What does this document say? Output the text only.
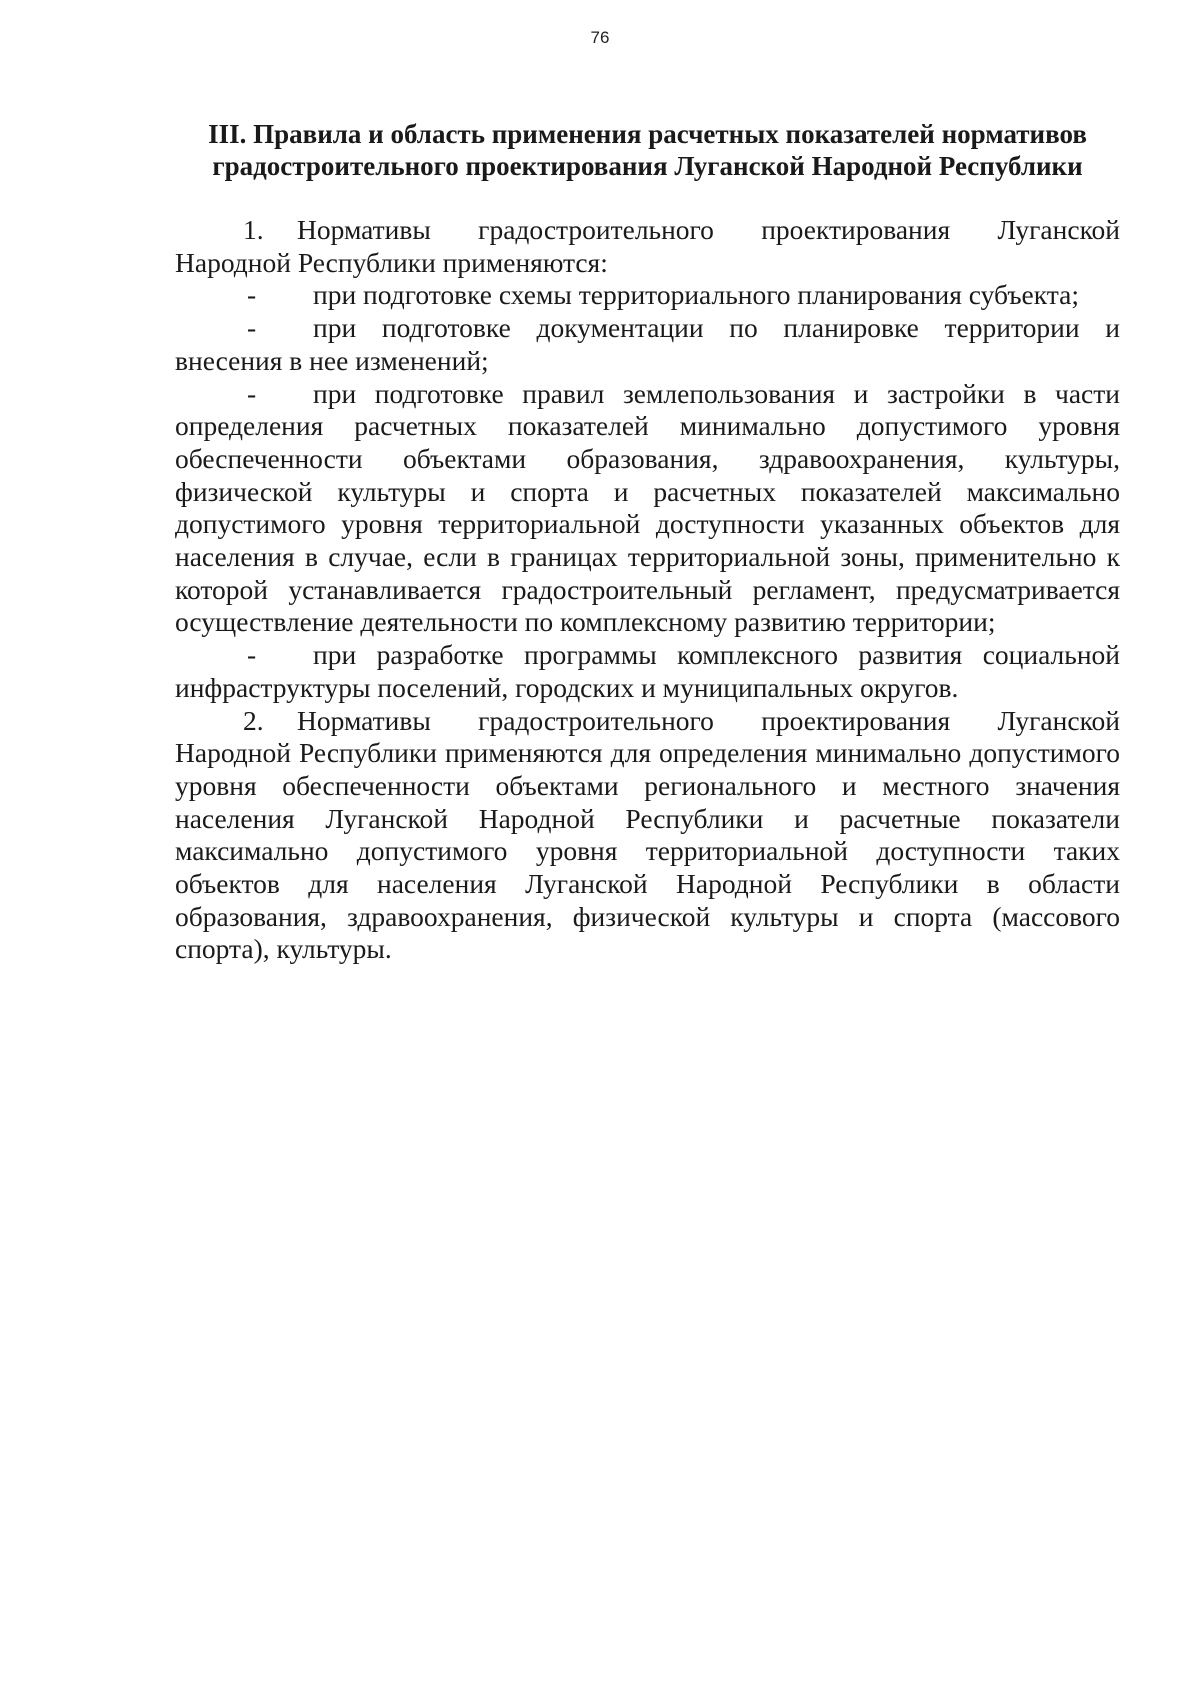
76
III. Правила и область применения расчетных показателей нормативов
градостроительного проектирования Луганской Народной Республики

1. Нормативы градостроительного проектирования Луганской Народной Республики применяются:

- при подготовке схемы территориального планирования субъекта;

- при подготовке документации по планировке территории и внесения в нее изменений;

- при подготовке правил землепользования и застройки в части определения расчетных показателей минимально допустимого уровня обеспеченности объектами образования, здравоохранения, культуры, физической культуры и спорта и расчетных показателей максимально допустимого уровня территориальной доступности указанных объектов для населения в случае, если в границах территориальной зоны, применительно к которой устанавливается градостроительный регламент, предусматривается осуществление деятельности по комплексному развитию территории;

- при разработке программы комплексного развития социальной инфраструктуры поселений, городских и муниципальных округов.

2. Нормативы градостроительного проектирования Луганской Народной Республики применяются для определения минимально допустимого уровня обеспеченности объектами регионального и местного значения населения Луганской Народной Республики и расчетные показатели максимально допустимого уровня территориальной доступности таких объектов для населения Луганской Народной Республики в области образования, здравоохранения, физической культуры и спорта (массового спорта), культуры.
